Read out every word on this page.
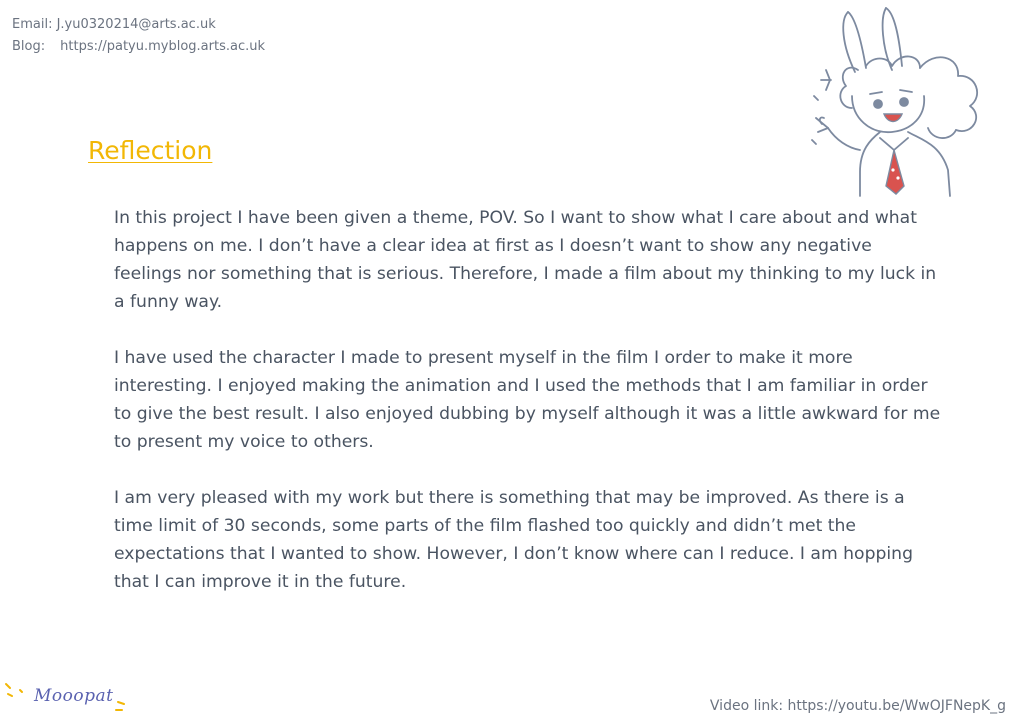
Email: J.yu0320214@arts.ac.uk
Blog: https://patyu.myblog.arts.ac.uk
Reflection

In this project I have been given a theme, POV. So I want to show what I care about and what happens on me. I don’t have a clear idea at first as I doesn’t want to show any negative feelings nor something that is serious. Therefore, I made a film about my thinking to my luck in a funny way.

I have used the character I made to present myself in the film I order to make it more interesting. I enjoyed making the animation and I used the methods that I am familiar in order to give the best result. I also enjoyed dubbing by myself although it was a little awkward for me to present my voice to others.

I am very pleased with my work but there is something that may be improved. As there is a time limit of 30 seconds, some parts of the film flashed too quickly and didn’t met the expectations that I wanted to show. However, I don’t know where can I reduce. I am hopping that I can improve it in the future.

Mooopat	Video link: https://youtu.be/WwOJFNepK_g
